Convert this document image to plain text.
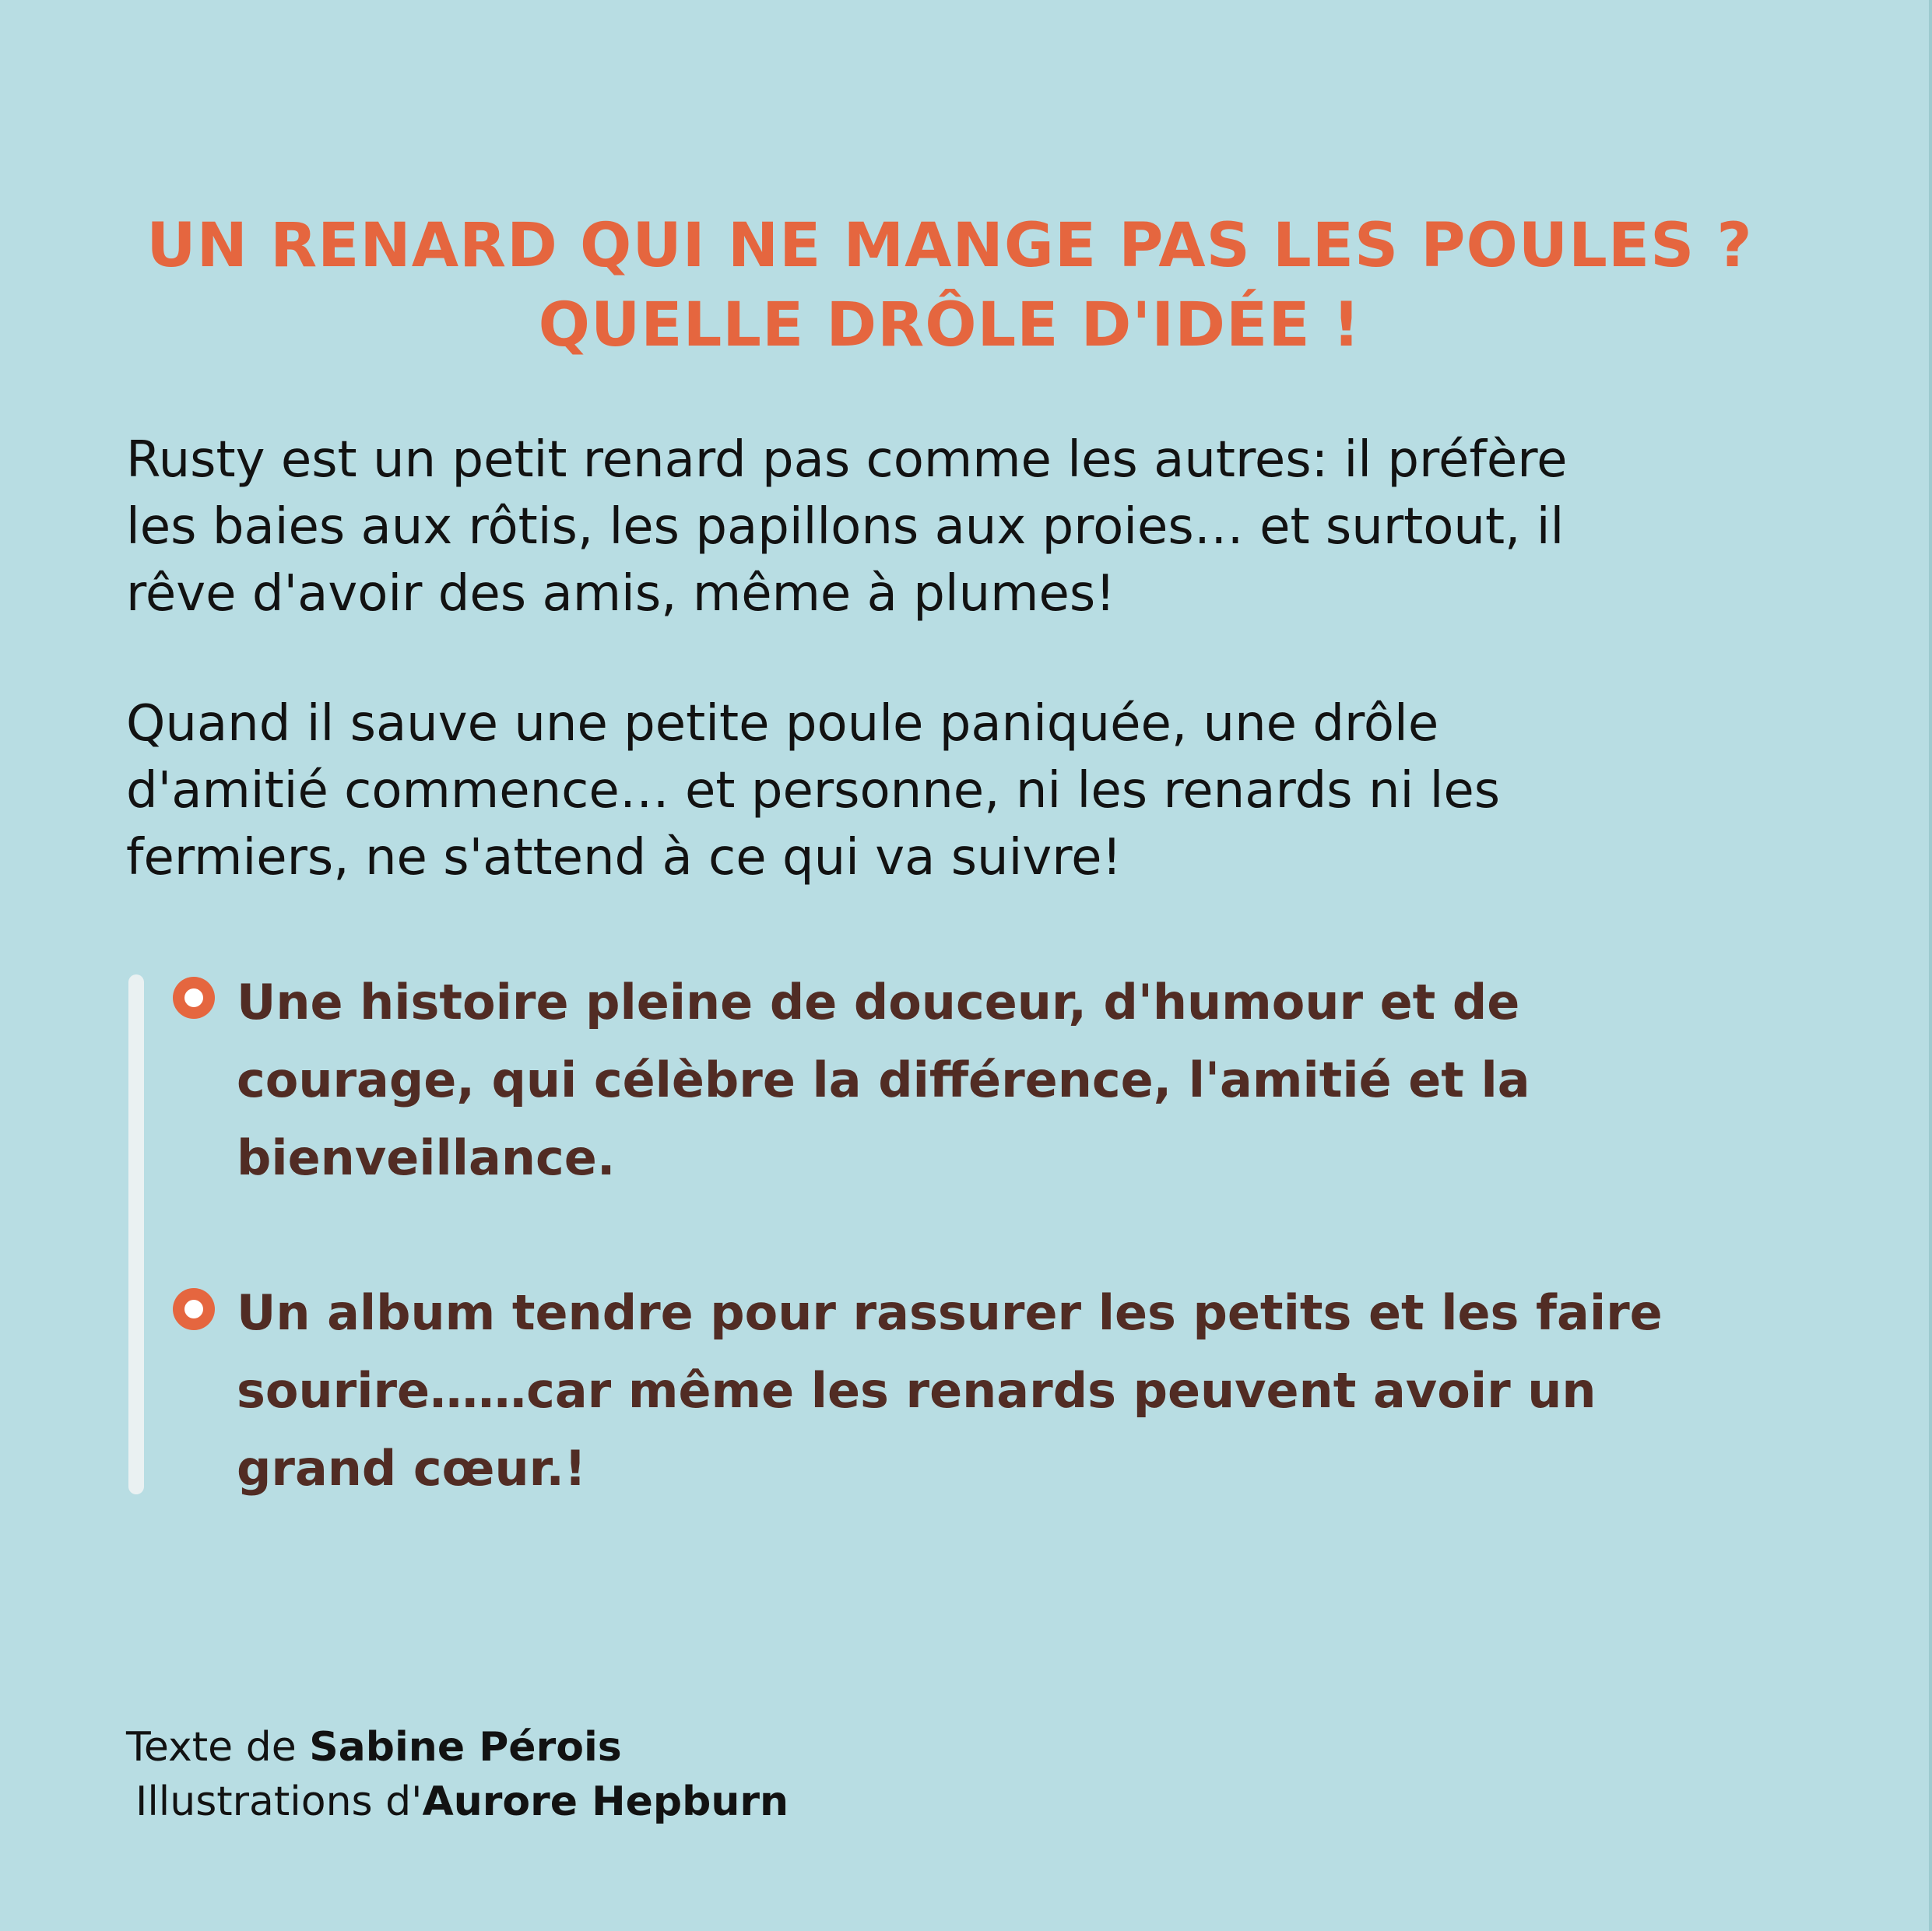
UN RENARD QUI NE MANGE PAS LES POULES ?
QUELLE DRÔLE D'IDÉE !
Rusty est un petit renard pas comme les autres: il préfère
les baies aux rôtis, les papillons aux proies… et surtout, il
rêve d'avoir des amis, même à plumes!
Quand il sauve une petite poule paniquée, une drôle
d'amitié commence… et personne, ni les renards ni les
fermiers, ne s'attend à ce qui va suivre!
Une histoire pleine de douceur, d'humour et de
courage, qui célèbre la différence, l'amitié et la
bienveillance.
Un album tendre pour rassurer les petits et les faire
sourire……car même les renards peuvent avoir un
grand cœur.!
Texte de Sabine Pérois
Illustrations d'Aurore Hepburn
